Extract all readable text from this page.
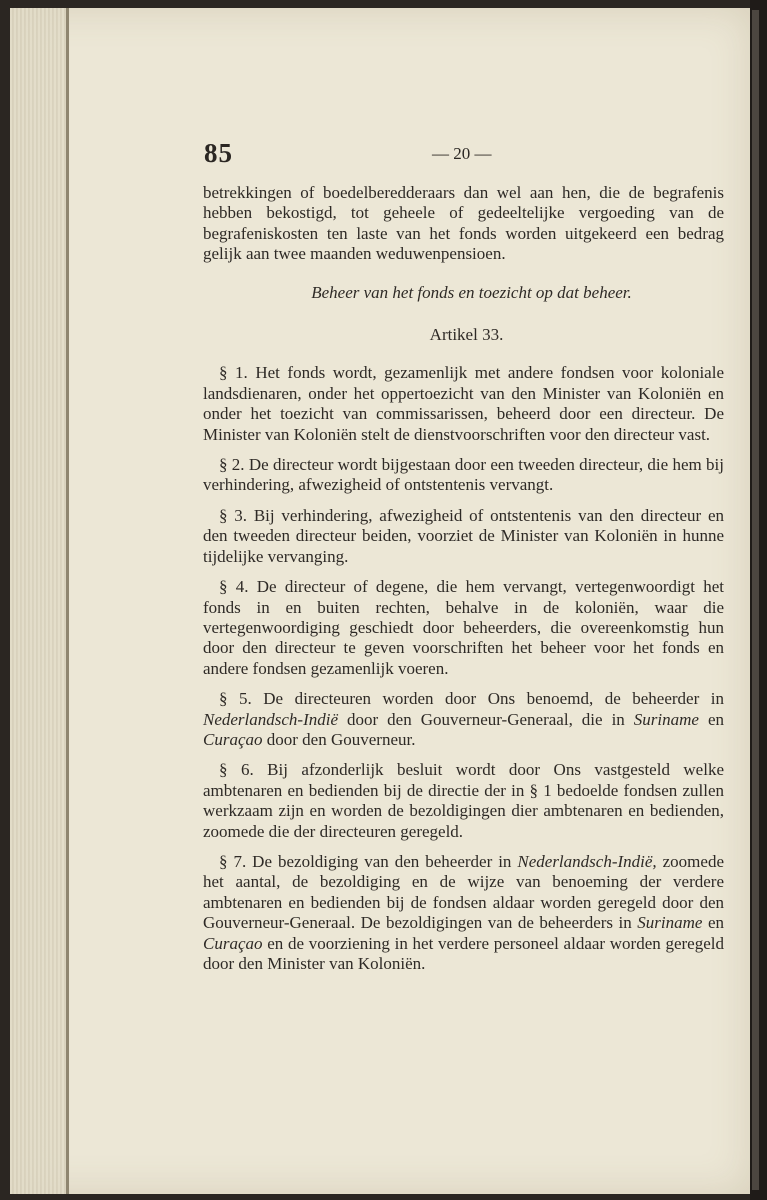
85	— 20 —

betrekkingen of boedelberedderaars dan wel aan hen, die de begrafenis hebben bekostigd, tot geheele of gedeeltelijke vergoeding van de begrafeniskosten ten laste van het fonds worden uitgekeerd een bedrag gelijk aan twee maanden weduwenpensioen.

Beheer van het fonds en toezicht op dat beheer.

Artikel 33.

§ 1. Het fonds wordt, gezamenlijk met andere fondsen voor koloniale landsdienaren, onder het oppertoezicht van den Minister van Koloniën en onder het toezicht van commissarissen, beheerd door een directeur. De Minister van Koloniën stelt de dienstvoorschriften voor den directeur vast.

§ 2. De directeur wordt bijgestaan door een tweeden directeur, die hem bij verhindering, afwezigheid of ontstentenis vervangt.

§ 3. Bij verhindering, afwezigheid of ontstentenis van den directeur en den tweeden directeur beiden, voorziet de Minister van Koloniën in hunne tijdelijke vervanging.

§ 4. De directeur of degene, die hem vervangt, vertegenwoordigt het fonds in en buiten rechten, behalve in de koloniën, waar die vertegenwoordiging geschiedt door beheerders, die overeenkomstig hun door den directeur te geven voorschriften het beheer voor het fonds en andere fondsen gezamenlijk voeren.

§ 5. De directeuren worden door Ons benoemd, de beheerder in Nederlandsch-Indië door den Gouverneur-Generaal, die in Suriname en Curaçao door den Gouverneur.

§ 6. Bij afzonderlijk besluit wordt door Ons vastgesteld welke ambtenaren en bedienden bij de directie der in § 1 bedoelde fondsen zullen werkzaam zijn en worden de bezoldigingen dier ambtenaren en bedienden, zoomede die der directeuren geregeld.

§ 7. De bezoldiging van den beheerder in Nederlandsch-Indië, zoomede het aantal, de bezoldiging en de wijze van benoeming der verdere ambtenaren en bedienden bij de fondsen aldaar worden geregeld door den Gouverneur-Generaal. De bezoldigingen van de beheerders in Suriname en Curaçao en de voorziening in het verdere personeel aldaar worden geregeld door den Minister van Koloniën.
